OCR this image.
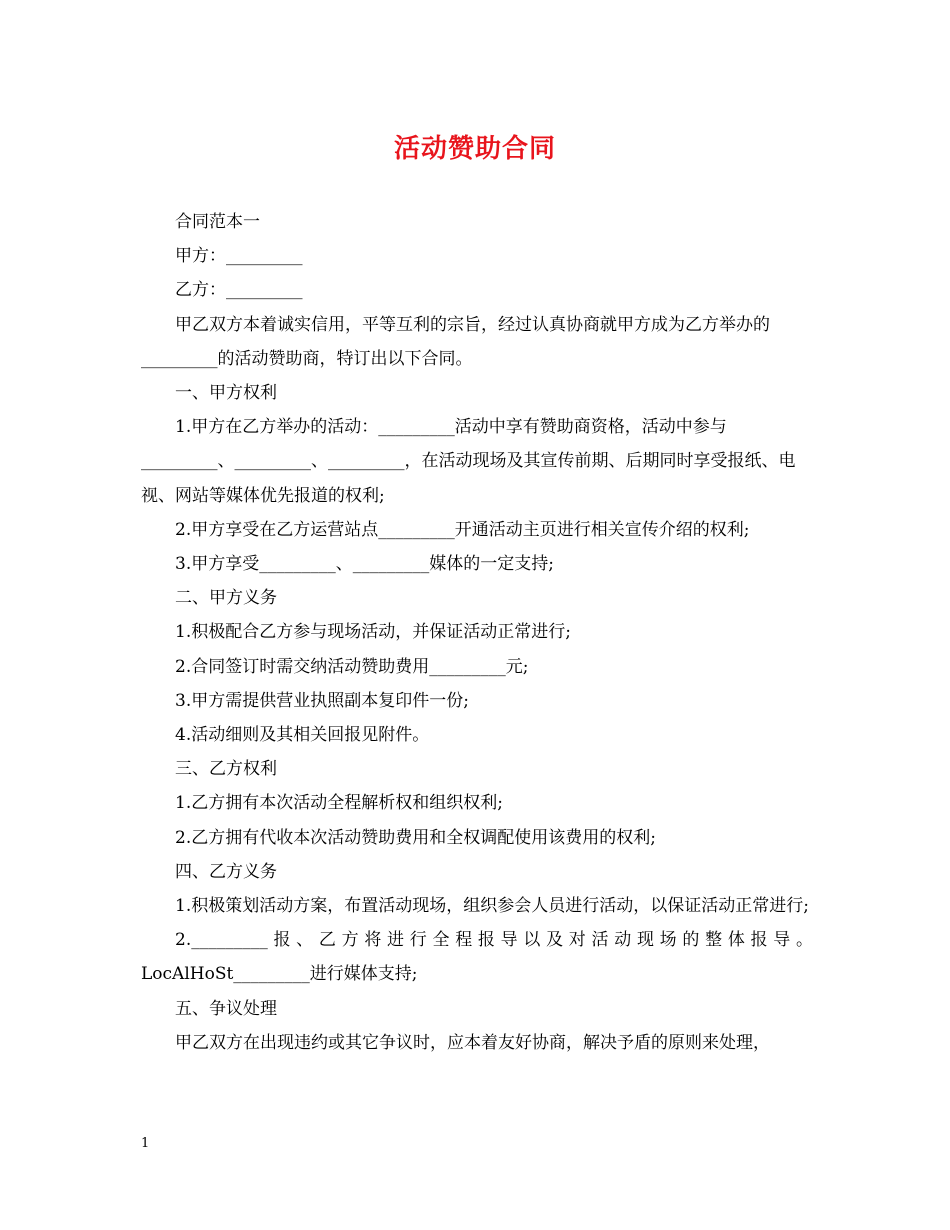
活动赞助合同

合同范本一

甲方：_________

乙方：_________

甲乙双方本着诚实信用，平等互利的宗旨，经过认真协商就甲方成为乙方举办的_________的活动赞助商，特订出以下合同。

一、甲方权利

1.甲方在乙方举办的活动：_________活动中享有赞助商资格，活动中参与_________、_________、_________，在活动现场及其宣传前期、后期同时享受报纸、电视、网站等媒体优先报道的权利;

2.甲方享受在乙方运营站点_________开通活动主页进行相关宣传介绍的权利;

3.甲方享受_________、_________媒体的一定支持;

二、甲方义务

1.积极配合乙方参与现场活动，并保证活动正常进行;

2.合同签订时需交纳活动赞助费用_________元;

3.甲方需提供营业执照副本复印件一份;

4.活动细则及其相关回报见附件。

三、乙方权利

1.乙方拥有本次活动全程解析权和组织权利;

2.乙方拥有代收本次活动赞助费用和全权调配使用该费用的权利;

四、乙方义务

1.积极策划活动方案，布置活动现场，组织参会人员进行活动，以保证活动正常进行;

2._________报、乙方将进行全程报导以及对活动现场的整体报导。

LocAlHoSt_________进行媒体支持;

五、争议处理

甲乙双方在出现违约或其它争议时，应本着友好协商，解决予盾的原则来处理，

1
